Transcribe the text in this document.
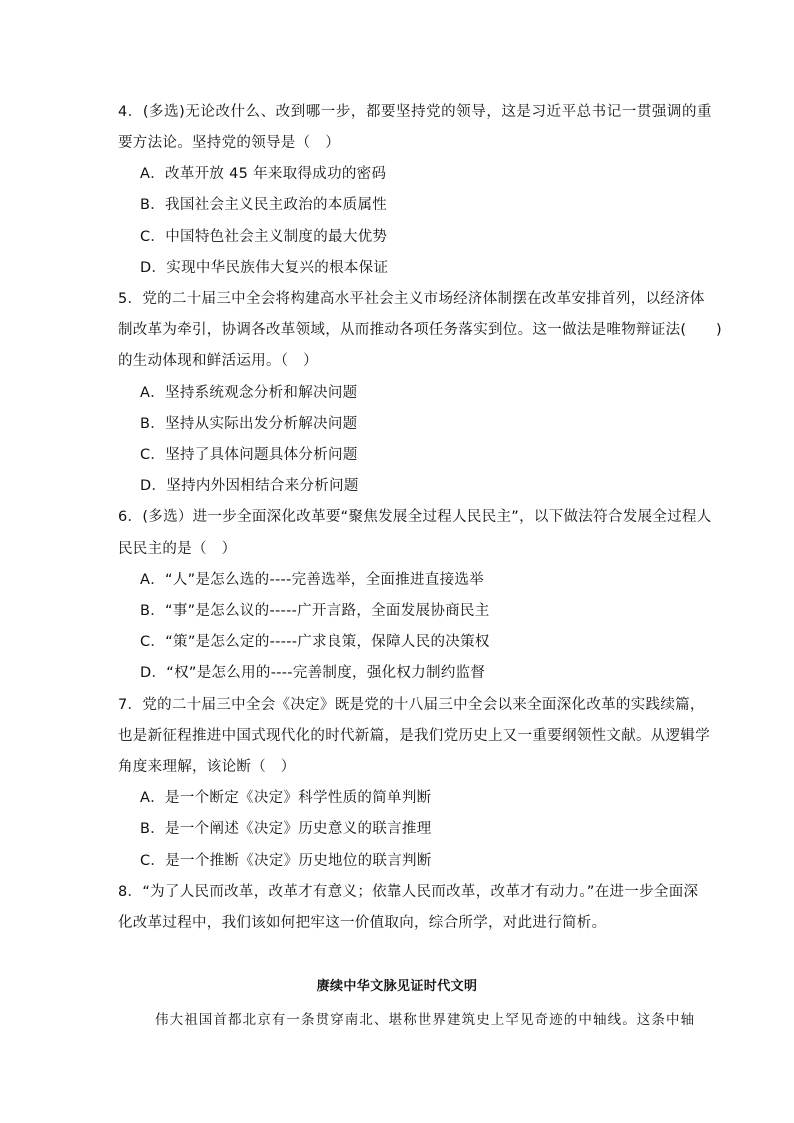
4．(多选)无论改什么、改到哪一步，都要坚持党的领导，这是习近平总书记一贯强调的重
要方法论。坚持党的领导是（　）
A．改革开放 45 年来取得成功的密码
B．我国社会主义民主政治的本质属性
C．中国特色社会主义制度的最大优势
D．实现中华民族伟大复兴的根本保证
5．党的二十届三中全会将构建高水平社会主义市场经济体制摆在改革安排首列，以经济体
制改革为牵引，协调各改革领域，从而推动各项任务落实到位。这一做法是唯物辩证法(　　)
的生动体现和鲜活运用。（　）
A．坚持系统观念分析和解决问题
B．坚持从实际出发分析解决问题
C．坚持了具体问题具体分析问题
D．坚持内外因相结合来分析问题
6．(多选）进一步全面深化改革要“聚焦发展全过程人民民主”，以下做法符合发展全过程人
民民主的是（　）
A．“人”是怎么选的----完善选举，全面推进直接选举
B．“事”是怎么议的-----广开言路，全面发展协商民主
C．“策”是怎么定的-----广求良策，保障人民的决策权
D．“权”是怎么用的----完善制度，强化权力制约监督
7．党的二十届三中全会《决定》既是党的十八届三中全会以来全面深化改革的实践续篇，
也是新征程推进中国式现代化的时代新篇，是我们党历史上又一重要纲领性文献。从逻辑学
角度来理解，该论断（　）
A．是一个断定《决定》科学性质的简单判断
B．是一个阐述《决定》历史意义的联言推理
C．是一个推断《决定》历史地位的联言判断
8．“为了人民而改革，改革才有意义；依靠人民而改革，改革才有动力。”在进一步全面深
化改革过程中，我们该如何把牢这一价值取向，综合所学，对此进行简析。
赓续中华文脉见证时代文明
伟大祖国首都北京有一条贯穿南北、堪称世界建筑史上罕见奇迹的中轴线。这条中轴
